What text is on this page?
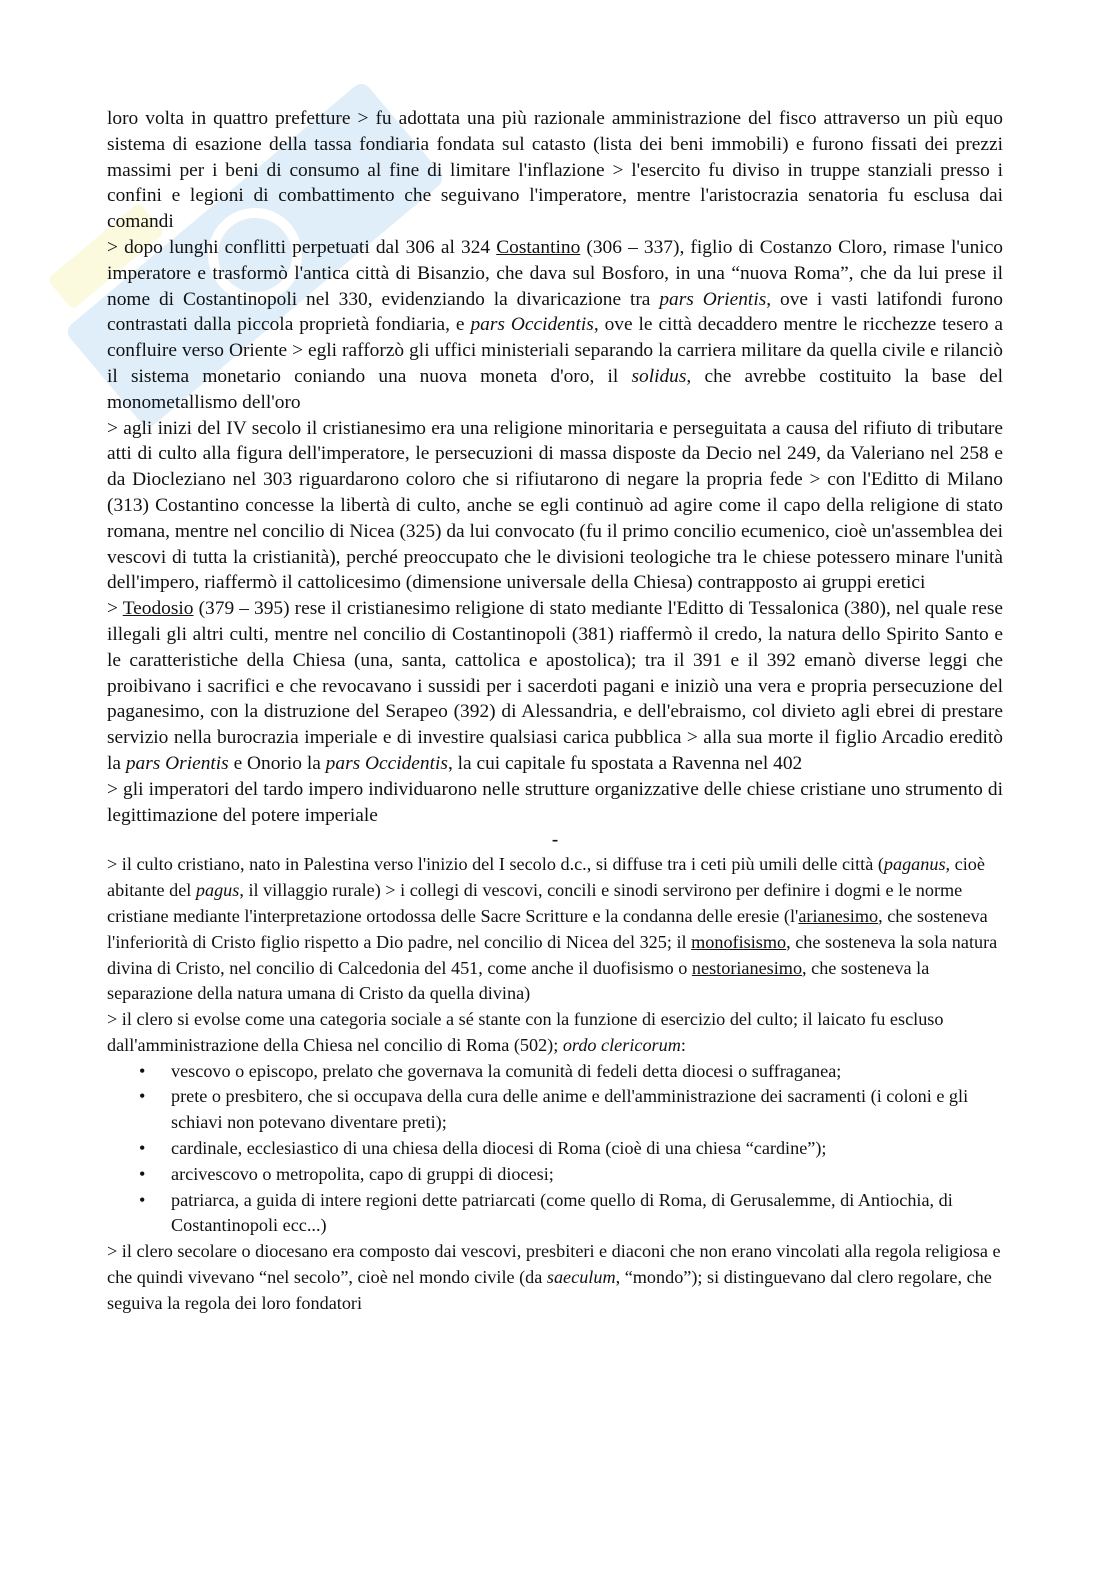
loro volta in quattro prefetture > fu adottata una più razionale amministrazione del fisco attraverso un più equo sistema di esazione della tassa fondiaria fondata sul catasto (lista dei beni immobili) e furono fissati dei prezzi massimi per i beni di consumo al fine di limitare l'inflazione > l'esercito fu diviso in truppe stanziali presso i confini e legioni di combattimento che seguivano l'imperatore, mentre l'aristocrazia senatoria fu esclusa dai comandi

> dopo lunghi conflitti perpetuati dal 306 al 324 Costantino (306 – 337), figlio di Costanzo Cloro, rimase l'unico imperatore e trasformò l'antica città di Bisanzio, che dava sul Bosforo, in una “nuova Roma”, che da lui prese il nome di Costantinopoli nel 330, evidenziando la divaricazione tra pars Orientis, ove i vasti latifondi furono contrastati dalla piccola proprietà fondiaria, e pars Occidentis, ove le città decaddero mentre le ricchezze tesero a confluire verso Oriente > egli rafforzò gli uffici ministeriali separando la carriera militare da quella civile e rilanciò il sistema monetario coniando una nuova moneta d'oro, il solidus, che avrebbe costituito la base del monometallismo dell'oro

> agli inizi del IV secolo il cristianesimo era una religione minoritaria e perseguitata a causa del rifiuto di tributare atti di culto alla figura dell'imperatore, le persecuzioni di massa disposte da Decio nel 249, da Valeriano nel 258 e da Diocleziano nel 303 riguardarono coloro che si rifiutarono di negare la propria fede > con l'Editto di Milano (313) Costantino concesse la libertà di culto, anche se egli continuò ad agire come il capo della religione di stato romana, mentre nel concilio di Nicea (325) da lui convocato (fu il primo concilio ecumenico, cioè un'assemblea dei vescovi di tutta la cristianità), perché preoccupato che le divisioni teologiche tra le chiese potessero minare l'unità dell'impero, riaffermò il cattolicesimo (dimensione universale della Chiesa) contrapposto ai gruppi eretici

> Teodosio (379 – 395) rese il cristianesimo religione di stato mediante l'Editto di Tessalonica (380), nel quale rese illegali gli altri culti, mentre nel concilio di Costantinopoli (381) riaffermò il credo, la natura dello Spirito Santo e le caratteristiche della Chiesa (una, santa, cattolica e apostolica); tra il 391 e il 392 emanò diverse leggi che proibivano i sacrifici e che revocavano i sussidi per i sacerdoti pagani e iniziò una vera e propria persecuzione del paganesimo, con la distruzione del Serapeo (392) di Alessandria, e dell'ebraismo, col divieto agli ebrei di prestare servizio nella burocrazia imperiale e di investire qualsiasi carica pubblica > alla sua morte il figlio Arcadio ereditò la pars Orientis e Onorio la pars Occidentis, la cui capitale fu spostata a Ravenna nel 402

> gli imperatori del tardo impero individuarono nelle strutture organizzative delle chiese cristiane uno strumento di legittimazione del potere imperiale

-

> il culto cristiano, nato in Palestina verso l'inizio del I secolo d.c., si diffuse tra i ceti più umili delle città (paganus, cioè abitante del pagus, il villaggio rurale) > i collegi di vescovi, concili e sinodi servirono per definire i dogmi e le norme cristiane mediante l'interpretazione ortodossa delle Sacre Scritture e la condanna delle eresie (l'arianesimo, che sosteneva l'inferiorità di Cristo figlio rispetto a Dio padre, nel concilio di Nicea del 325; il monofisismo, che sosteneva la sola natura divina di Cristo, nel concilio di Calcedonia del 451, come anche il duofisismo o nestorianesimo, che sosteneva la separazione della natura umana di Cristo da quella divina)

> il clero si evolse come una categoria sociale a sé stante con la funzione di esercizio del culto; il laicato fu escluso dall'amministrazione della Chiesa nel concilio di Roma (502); ordo clericorum:

• vescovo o episcopo, prelato che governava la comunità di fedeli detta diocesi o suffraganea;
• prete o presbitero, che si occupava della cura delle anime e dell'amministrazione dei sacramenti (i coloni e gli schiavi non potevano diventare preti);
• cardinale, ecclesiastico di una chiesa della diocesi di Roma (cioè di una chiesa “cardine”);
• arcivescovo o metropolita, capo di gruppi di diocesi;
• patriarca, a guida di intere regioni dette patriarcati (come quello di Roma, di Gerusalemme, di Antiochia, di Costantinopoli ecc...)

> il clero secolare o diocesano era composto dai vescovi, presbiteri e diaconi che non erano vincolati alla regola religiosa e che quindi vivevano “nel secolo”, cioè nel mondo civile (da saeculum, “mondo”); si distinguevano dal clero regolare, che seguiva la regola dei loro fondatori
